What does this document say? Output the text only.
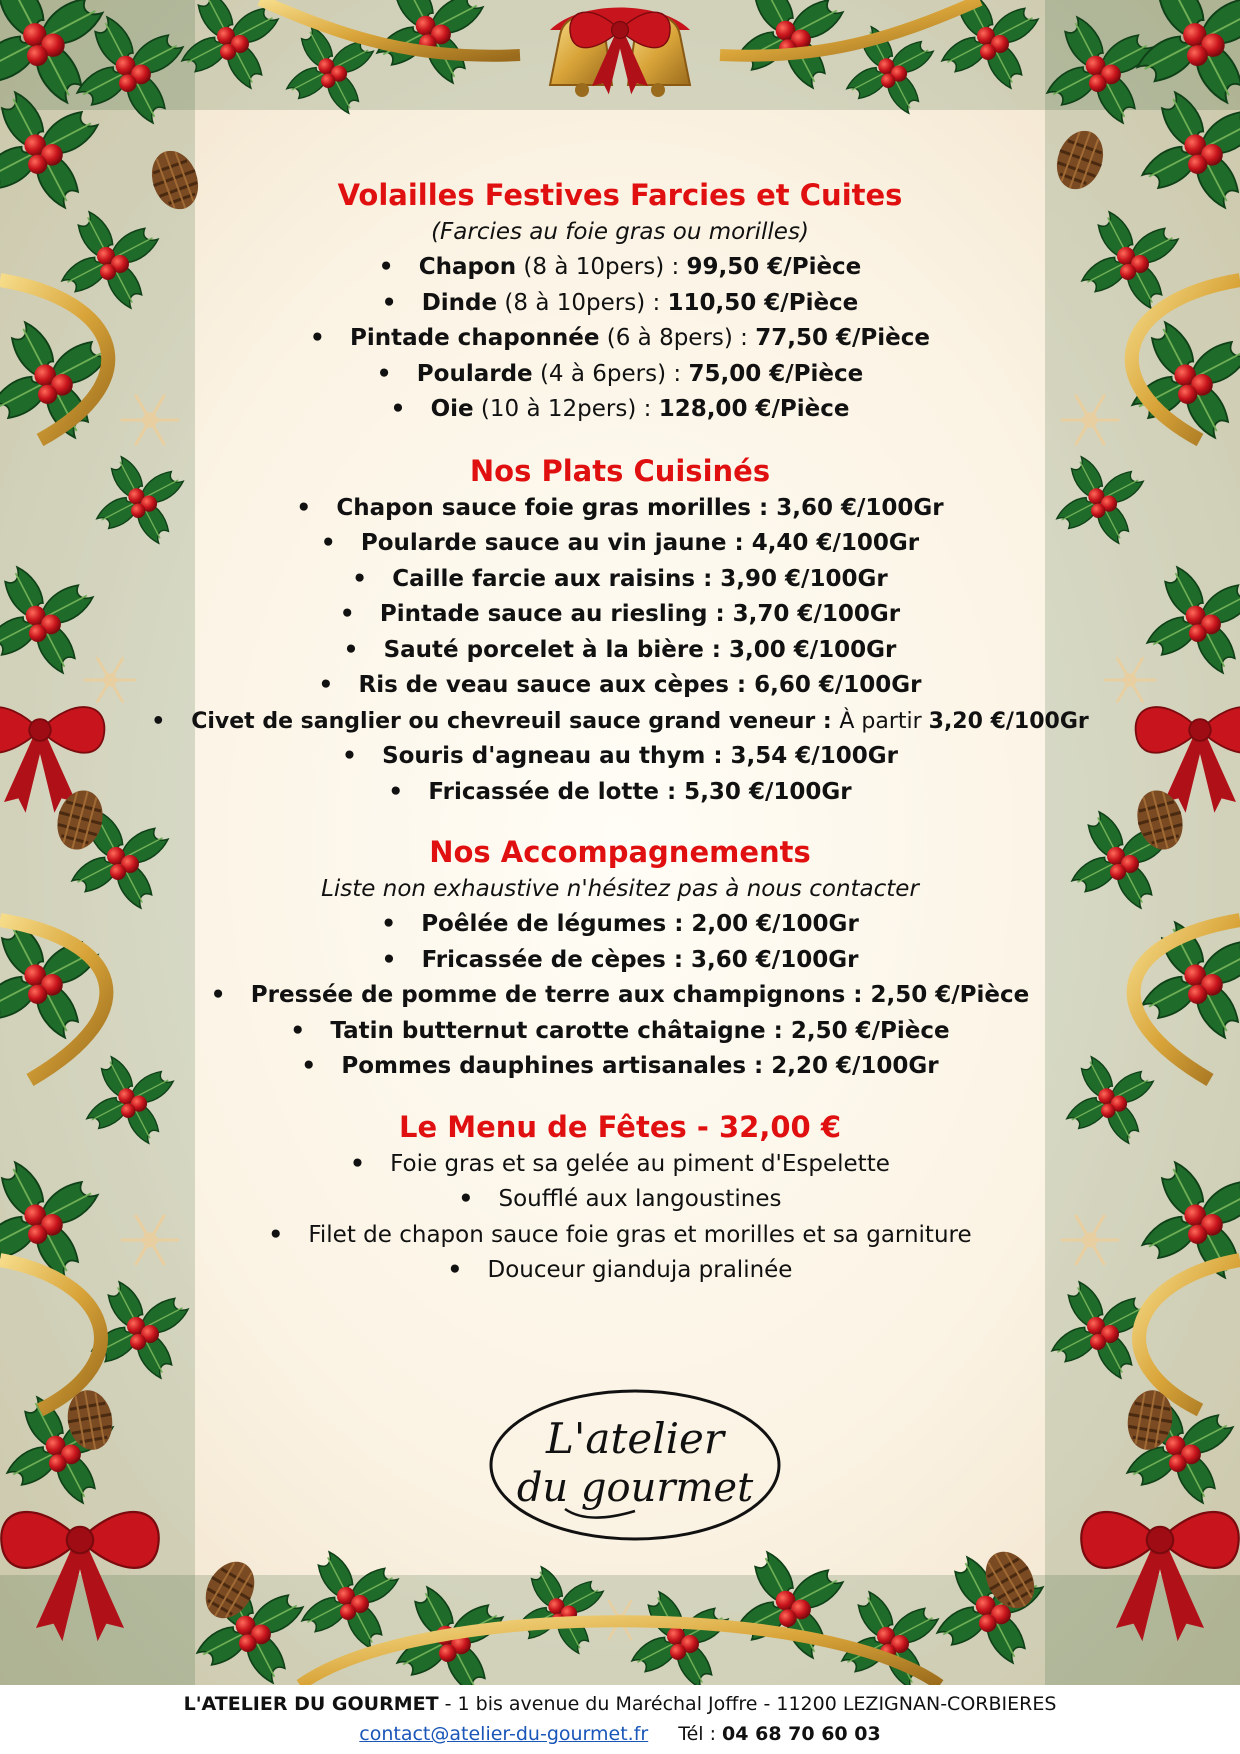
Volailles Festives Farcies et Cuites
(Farcies au foie gras ou morilles)
• Chapon (8 à 10pers) : 99,50 €/Pièce
• Dinde (8 à 10pers) : 110,50 €/Pièce
• Pintade chaponnée (6 à 8pers) : 77,50 €/Pièce
• Poularde (4 à 6pers) : 75,00 €/Pièce
• Oie (10 à 12pers) : 128,00 €/Pièce
Nos Plats Cuisinés
• Chapon sauce foie gras morilles : 3,60 €/100Gr
• Poularde sauce au vin jaune : 4,40 €/100Gr
• Caille farcie aux raisins : 3,90 €/100Gr
• Pintade sauce au riesling : 3,70 €/100Gr
• Sauté porcelet à la bière : 3,00 €/100Gr
• Ris de veau sauce aux cèpes : 6,60 €/100Gr
• Civet de sanglier ou chevreuil sauce grand veneur : À partir 3,20 €/100Gr
• Souris d'agneau au thym : 3,54 €/100Gr
• Fricassée de lotte : 5,30 €/100Gr
Nos Accompagnements
Liste non exhaustive n'hésitez pas à nous contacter
• Poêlée de légumes : 2,00 €/100Gr
• Fricassée de cèpes : 3,60 €/100Gr
• Pressée de pomme de terre aux champignons : 2,50 €/Pièce
• Tatin butternut carotte châtaigne : 2,50 €/Pièce
• Pommes dauphines artisanales : 2,20 €/100Gr
Le Menu de Fêtes - 32,00 €
• Foie gras et sa gelée au piment d'Espelette
• Soufflé aux langoustines
• Filet de chapon sauce foie gras et morilles et sa garniture
• Douceur gianduja pralinée
L'atelier
du gourmet
L'ATELIER DU GOURMET - 1 bis avenue du Maréchal Joffre - 11200 LEZIGNAN-CORBIERES
contact@atelier-du-gourmet.fr Tél : 04 68 70 60 03
